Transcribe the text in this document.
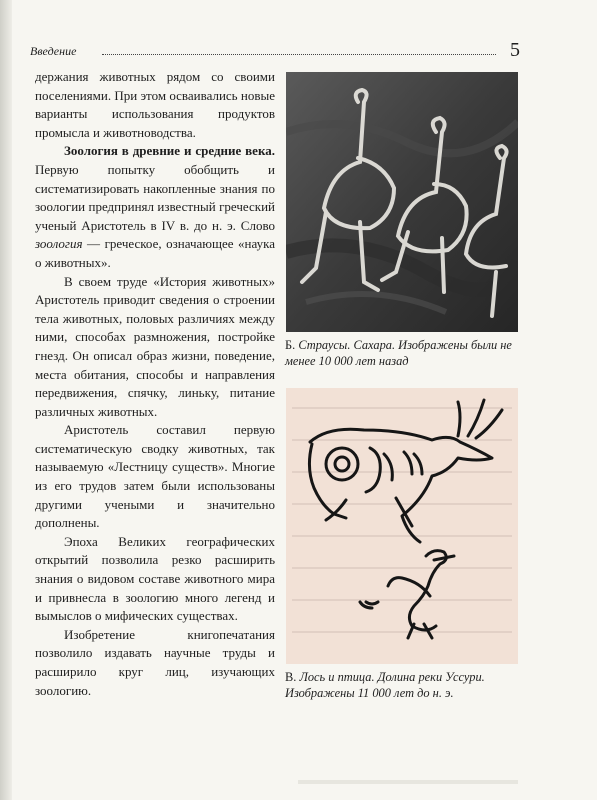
Введение	5

держания животных рядом со своими поселениями. При этом осваивались новые варианты использования продуктов промысла и животноводства.

Зоология в древние и средние века. Первую попытку обобщить и систематизировать накопленные знания по зоологии предпринял известный греческий ученый Аристотель в IV в. до н. э. Слово зоология — греческое, означающее «наука о животных».

В своем труде «История животных» Аристотель приводит сведения о строении тела животных, половых различиях между ними, способах размножения, постройке гнезд. Он описал образ жизни, поведение, места обитания, способы и направления передвижения, спячку, линьку, питание различных животных.

Аристотель составил первую систематическую сводку животных, так называемую «Лестницу существ». Многие из его трудов затем были использованы другими учеными и значительно дополнены.

Эпоха Великих географических открытий позволила резко расширить знания о видовом составе животного мира и привнесла в зоологию много легенд и вымыслов о мифических существах.

Изобретение книгопечатания позволило издавать научные труды и расширило круг лиц, изучающих зоологию.

Б. Страусы. Сахара. Изображены были не менее 10 000 лет назад
В. Лось и птица. Долина реки Уссури. Изображены 11 000 лет до н. э.
